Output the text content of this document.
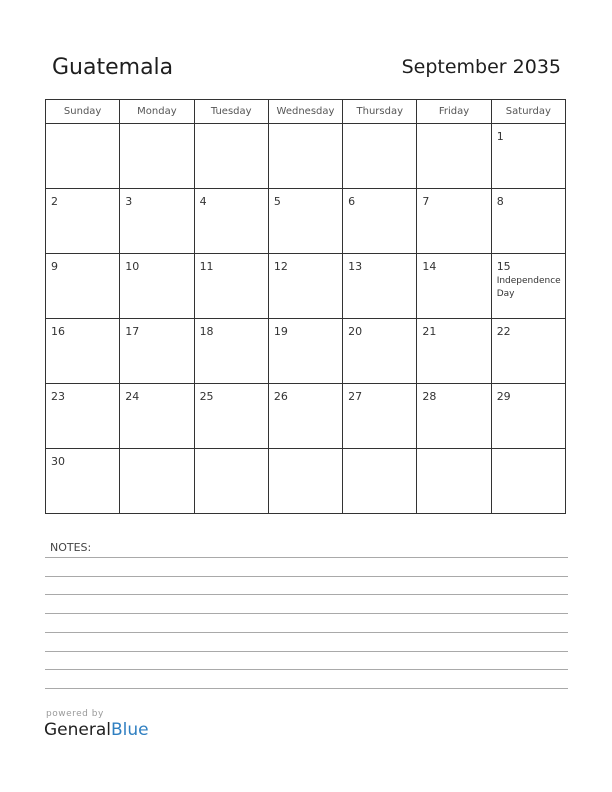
Guatemala	September 2035
Sunday	Monday	Tuesday	Wednesday	Thursday	Friday	Saturday

						1

2	3	4	5	6	7	8

9	10	11	12	13	14	15
Independence Day

16	17	18	19	20	21	22

23	24	25	26	27	28	29

30						

NOTES:
powered by
GeneralBlue
